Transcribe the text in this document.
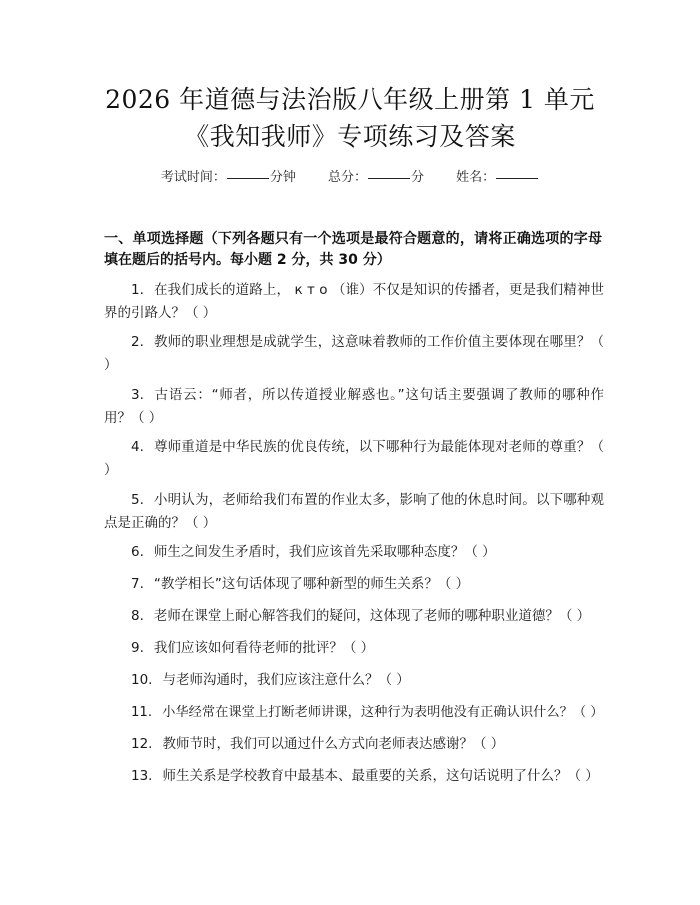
2026 年道德与法治版八年级上册第 1 单元
《我知我师》专项练习及答案
考试时间：	分钟 总分：	分 姓名：
一、单项选择题（下列各题只有一个选项是最符合题意的，请将正确选项的字母填在题后的括号内。每小题 2 分，共 30 分）
1. 在我们成长的道路上， к т о （谁）不仅是知识的传播者，更是我们精神世界的引路人？（ ）
2. 教师的职业理想是成就学生，这意味着教师的工作价值主要体现在哪里？（ ）
3. 古语云：“师者，所以传道授业解惑也。”这句话主要强调了教师的哪种作用？（ ）
4. 尊师重道是中华民族的优良传统，以下哪种行为最能体现对老师的尊重？（ ）
5. 小明认为，老师给我们布置的作业太多，影响了他的休息时间。以下哪种观点是正确的？（ ）
6. 师生之间发生矛盾时，我们应该首先采取哪种态度？（ ）
7. “教学相长”这句话体现了哪种新型的师生关系？（ ）
8. 老师在课堂上耐心解答我们的疑问，这体现了老师的哪种职业道德？（ ）
9. 我们应该如何看待老师的批评？（ ）
10. 与老师沟通时，我们应该注意什么？（ ）
11. 小华经常在课堂上打断老师讲课，这种行为表明他没有正确认识什么？（ ）
12. 教师节时，我们可以通过什么方式向老师表达感谢？（ ）
13. 师生关系是学校教育中最基本、最重要的关系，这句话说明了什么？（ ）
